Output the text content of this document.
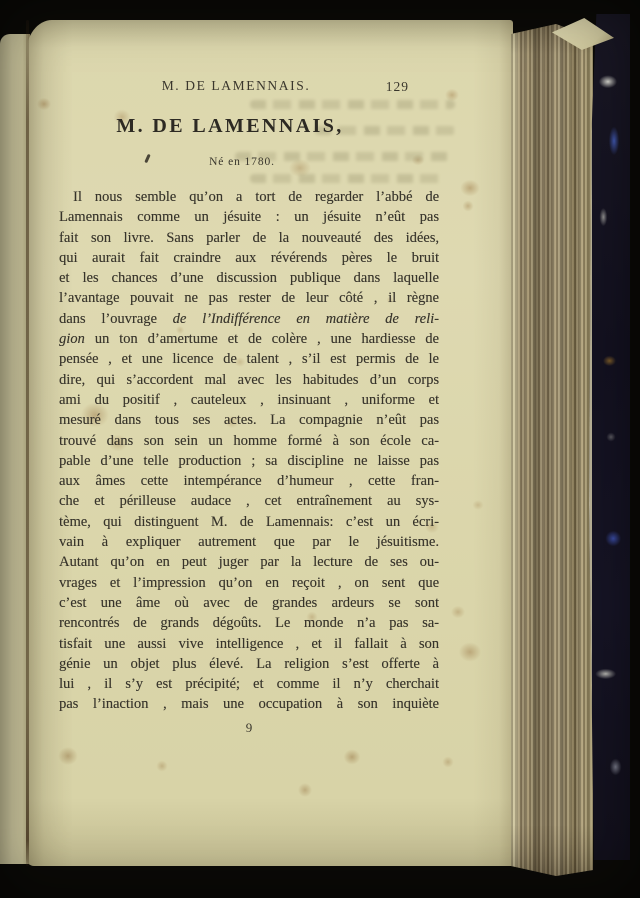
M. DE LAMENNAIS.	129
M. DE LAMENNAIS,
Né en 1780.
Il nous semble qu’on a tort de regarder l’abbé de
Lamennais comme un jésuite : un jésuite n’eût pas
fait son livre. Sans parler de la nouveauté des idées,
qui aurait fait craindre aux révérends pères le bruit
et les chances d’une discussion publique dans laquelle
l’avantage pouvait ne pas rester de leur côté , il règne
dans l’ouvrage de l’Indifférence en matière de reli-
gion un ton d’amertume et de colère , une hardiesse de
pensée , et une licence de talent , s’il est permis de le
dire, qui s’accordent mal avec les habitudes d’un corps
ami du positif , cauteleux , insinuant , uniforme et
mesuré dans tous ses actes. La compagnie n’eût pas
trouvé dans son sein un homme formé à son école ca-
pable d’une telle production ; sa discipline ne laisse pas
aux âmes cette intempérance d’humeur , cette fran-
che et périlleuse audace , cet entraînement au sys-
tème, qui distinguent M. de Lamennais: c’est un écri-
vain à expliquer autrement que par le jésuitisme.
Autant qu’on en peut juger par la lecture de ses ou-
vrages et l’impression qu’on en reçoit , on sent que
c’est une âme où avec de grandes ardeurs se sont
rencontrés de grands dégoûts. Le monde n’a pas sa-
tisfait une aussi vive intelligence , et il fallait à son
génie un objet plus élevé. La religion s’est offerte à
lui , il s’y est précipité; et comme il n’y cherchait
pas l’inaction , mais une occupation à son inquiète
9
